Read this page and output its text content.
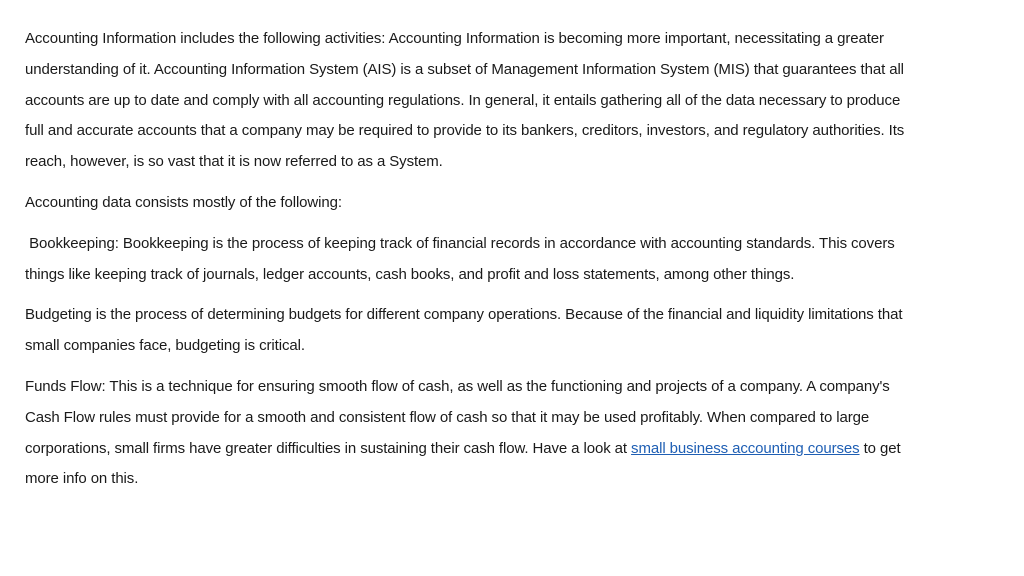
Accounting Information includes the following activities: Accounting Information is becoming more important, necessitating a greater understanding of it. Accounting Information System (AIS) is a subset of Management Information System (MIS) that guarantees that all accounts are up to date and comply with all accounting regulations. In general, it entails gathering all of the data necessary to produce full and accurate accounts that a company may be required to provide to its bankers, creditors, investors, and regulatory authorities. Its reach, however, is so vast that it is now referred to as a System.

Accounting data consists mostly of the following:

Bookkeeping: Bookkeeping is the process of keeping track of financial records in accordance with accounting standards. This covers things like keeping track of journals, ledger accounts, cash books, and profit and loss statements, among other things.

Budgeting is the process of determining budgets for different company operations. Because of the financial and liquidity limitations that small companies face, budgeting is critical.

Funds Flow: This is a technique for ensuring smooth flow of cash, as well as the functioning and projects of a company. A company's Cash Flow rules must provide for a smooth and consistent flow of cash so that it may be used profitably. When compared to large corporations, small firms have greater difficulties in sustaining their cash flow. Have a look at small business accounting courses to get more info on this.
